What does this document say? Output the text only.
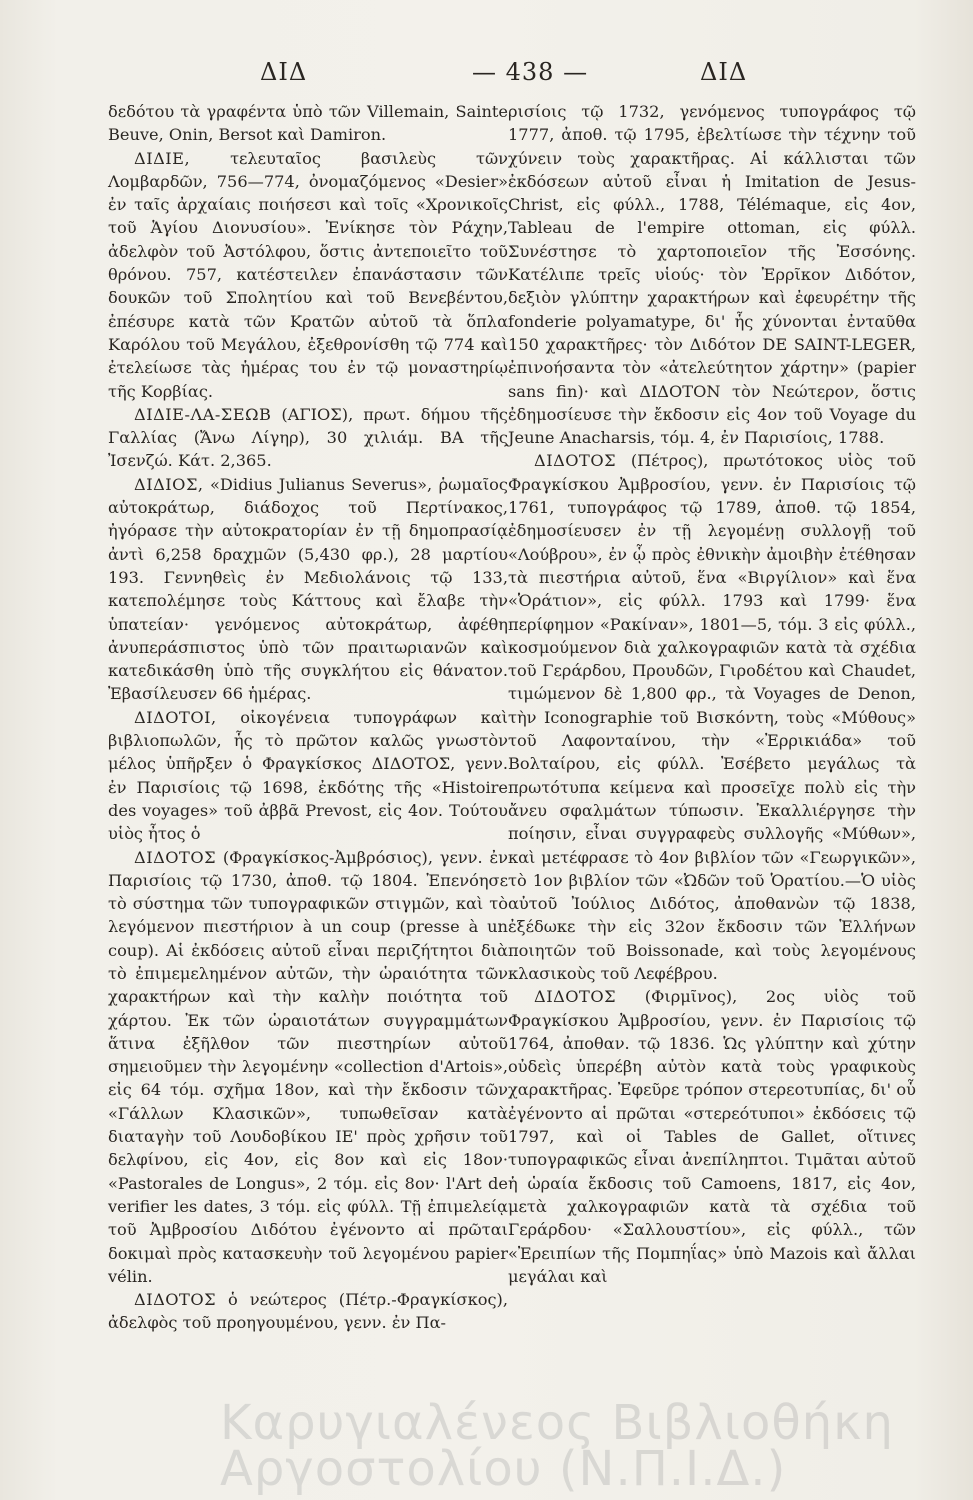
ΔΙΔ	— 438 —	ΔΙΔ

δεδότου τὰ γραφέντα ὑπὸ τῶν Villemain, Sainte Beuve, Onin, Bersot καὶ Damiron.

ΔΙΔΙΕ, τελευταῖος βασιλεὺς τῶν Λομβαρδῶν, 756—774, ὀνομαζόμενος «Desier» ἐν ταῖς ἀρχαίαις ποιήσεσι καὶ τοῖς «Χρονικοῖς τοῦ Ἁγίου Διονυσίου». Ἐνίκησε τὸν Ράχην, ἀδελφὸν τοῦ Ἀστόλφου, ὅστις ἀντεποιεῖτο τοῦ θρόνου. 757, κατέστειλεν ἐπανάστασιν τῶν δουκῶν τοῦ Σπολητίου καὶ τοῦ Βενεβέντου, ἐπέσυρε κατὰ τῶν Κρατῶν αὐτοῦ τὰ ὅπλα Καρόλου τοῦ Μεγάλου, ἐξεθρονίσθη τῷ 774 καὶ ἐτελείωσε τὰς ἡμέρας του ἐν τῷ μοναστηρίῳ τῆς Κορβίας.

ΔΙΔΙΕ-ΛΑ-ΣΕΩΒ (ΑΓΙΟΣ), πρωτ. δήμου τῆς Γαλλίας (Ἄνω Λίγηρ), 30 χιλιάμ. ΒΑ τῆς Ἰσενζώ. Κάτ. 2,365.

ΔΙΔΙΟΣ, «Didius Julianus Severus», ῥωμαῖος αὐτοκράτωρ, διάδοχος τοῦ Περτίνακος, ἠγόρασε τὴν αὐτοκρατορίαν ἐν τῇ δημοπρασίᾳ ἀντὶ 6,258 δραχμῶν (5,430 φρ.), 28 μαρτίου 193. Γεννηθεὶς ἐν Μεδιολάνοις τῷ 133, κατεπολέμησε τοὺς Κάττους καὶ ἔλαβε τὴν ὑπατείαν· γενόμενος αὐτοκράτωρ, ἀφέθη ἀνυπεράσπιστος ὑπὸ τῶν πραιτωριανῶν καὶ κατεδικάσθη ὑπὸ τῆς συγκλήτου εἰς θάνατον. Ἐβασίλευσεν 66 ἡμέρας.

ΔΙΔΟΤΟΙ, οἰκογένεια τυπογράφων καὶ βιβλιοπωλῶν, ἧς τὸ πρῶτον καλῶς γνωστὸν μέλος ὑπῆρξεν ὁ Φραγκίσκος ΔΙΔΟΤΟΣ, γενν. ἐν Παρισίοις τῷ 1698, ἐκδότης τῆς «Histoire des voyages» τοῦ ἀββᾶ Prevost, εἰς 4ον. Τούτου υἱὸς ἦτος ὁ

ΔΙΔΟΤΟΣ (Φραγκίσκος-Ἀμβρόσιος), γενν. ἐν Παρισίοις τῷ 1730, ἀποθ. τῷ 1804. Ἐπενόησε τὸ σύστημα τῶν τυπογραφικῶν στιγμῶν, καὶ τὸ λεγόμενον πιεστήριον à un coup (presse à un coup). Αἱ ἐκδόσεις αὐτοῦ εἶναι περιζήτητοι διὰ τὸ ἐπιμεμελημένον αὐτῶν, τὴν ὡραιότητα τῶν χαρακτήρων καὶ τὴν καλὴν ποιότητα τοῦ χάρτου. Ἐκ τῶν ὡραιοτάτων συγγραμμάτων ἅτινα ἐξῆλθον τῶν πιεστηρίων αὐτοῦ σημειοῦμεν τὴν λεγομένην «collection d'Artois», εἰς 64 τόμ. σχῆμα 18ον, καὶ τὴν ἔκδοσιν τῶν «Γάλλων Κλασικῶν», τυπωθεῖσαν κατὰ διαταγὴν τοῦ Λουδοβίκου ΙΕ' πρὸς χρῆσιν τοῦ δελφίνου, εἰς 4ον, εἰς 8ον καὶ εἰς 18ον· «Pastorales de Longus», 2 τόμ. εἰς 8ον· l'Art de verifier les dates, 3 τόμ. εἰς φύλλ. Τῇ ἐπιμελείᾳ τοῦ Ἀμβροσίου Διδότου ἐγένοντο αἱ πρῶται δοκιμαὶ πρὸς κατασκευὴν τοῦ λεγομένου papier vélin.

ΔΙΔΟΤΟΣ ὁ νεώτερος (Πέτρ.-Φραγκίσκος), ἀδελφὸς τοῦ προηγουμένου, γενν. ἐν Πα-

ρισίοις τῷ 1732, γενόμενος τυπογράφος τῷ 1777, ἀποθ. τῷ 1795, ἐβελτίωσε τὴν τέχνην τοῦ χύνειν τοὺς χαρακτῆρας. Αἱ κάλλισται τῶν ἐκδόσεων αὐτοῦ εἶναι ἡ Imitation de Jesus-Christ, εἰς φύλλ., 1788, Télémaque, εἰς 4ον, Tableau de l'empire ottoman, εἰς φύλλ. Συνέστησε τὸ χαρτοποιεῖον τῆς Ἐσσόνης. Κατέλιπε τρεῖς υἱούς· τὸν Ἐρρῖκον Διδότον, δεξιὸν γλύπτην χαρακτήρων καὶ ἐφευρέτην τῆς fonderie polyamatype, δι' ἧς χύνονται ἐνταῦθα 150 χαρακτῆρες· τὸν Διδότον DE SAINT-LEGER, ἐπινοήσαντα τὸν «ἀτελεύτητον χάρτην» (papier sans fin)· καὶ ΔΙΔΟΤΟΝ τὸν Νεώτερον, ὅστις ἐδημοσίευσε τὴν ἔκδοσιν εἰς 4ον τοῦ Voyage du Jeune Anacharsis, τόμ. 4, ἐν Παρισίοις, 1788.

ΔΙΔΟΤΟΣ (Πέτρος), πρωτότοκος υἱὸς τοῦ Φραγκίσκου Ἀμβροσίου, γενν. ἐν Παρισίοις τῷ 1761, τυπογράφος τῷ 1789, ἀποθ. τῷ 1854, ἐδημοσίευσεν ἐν τῇ λεγομένῃ συλλογῇ τοῦ «Λούβρου», ἐν ᾧ πρὸς ἐθνικὴν ἀμοιβὴν ἐτέθησαν τὰ πιεστήρια αὐτοῦ, ἕνα «Βιργίλιον» καὶ ἕνα «Ὁράτιον», εἰς φύλλ. 1793 καὶ 1799· ἕνα περίφημον «Ρακίναν», 1801—5, τόμ. 3 εἰς φύλλ., κοσμούμενον διὰ χαλκογραφιῶν κατὰ τὰ σχέδια τοῦ Γεράρδου, Προυδῶν, Γιροδέτου καὶ Chaudet, τιμώμενον δὲ 1,800 φρ., τὰ Voyages de Denon, τὴν Iconographie τοῦ Βισκόντη, τοὺς «Μύθους» τοῦ Λαφονταίνου, τὴν «Ἐρρικιάδα» τοῦ Βολταίρου, εἰς φύλλ. Ἐσέβετο μεγάλως τὰ πρωτότυπα κείμενα καὶ προσεῖχε πολὺ εἰς τὴν ἄνευ σφαλμάτων τύπωσιν. Ἐκαλλιέργησε τὴν ποίησιν, εἶναι συγγραφεὺς συλλογῆς «Μύθων», καὶ μετέφρασε τὸ 4ον βιβλίον τῶν «Γεωργικῶν», τὸ 1ον βιβλίον τῶν «Ὠδῶν τοῦ Ὁρατίου.—Ὁ υἱὸς αὐτοῦ Ἰούλιος Διδότος, ἀποθανὼν τῷ 1838, ἐξέδωκε τὴν εἰς 32ον ἔκδοσιν τῶν Ἑλλήνων ποιητῶν τοῦ Boissonade, καὶ τοὺς λεγομένους κλασικοὺς τοῦ Λεφέβρου.

ΔΙΔΟΤΟΣ (Φιρμῖνος), 2ος υἱὸς τοῦ Φραγκίσκου Ἀμβροσίου, γενν. ἐν Παρισίοις τῷ 1764, ἀποθαν. τῷ 1836. Ὡς γλύπτην καὶ χύτην οὐδεὶς ὑπερέβη αὐτὸν κατὰ τοὺς γραφικοὺς χαρακτῆρας. Ἐφεῦρε τρόπον στερεοτυπίας, δι' οὗ ἐγένοντο αἱ πρῶται «στερεότυποι» ἐκδόσεις τῷ 1797, καὶ οἱ Tables de Gallet, οἵτινες τυπογραφικῶς εἶναι ἀνεπίληπτοι. Τιμᾶται αὐτοῦ ἡ ὡραία ἔκδοσις τοῦ Camoens, 1817, εἰς 4ον, μετὰ χαλκογραφιῶν κατὰ τὰ σχέδια τοῦ Γεράρδου· «Σαλλουστίου», εἰς φύλλ., τῶν «Ἐρειπίων τῆς Πομπηΐας» ὑπὸ Mazois καὶ ἄλλαι μεγάλαι καὶ

Καρυγιαλένεος Βιβλιοθήκη
Αργοστολίου (Ν.Π.Ι.Δ.)
